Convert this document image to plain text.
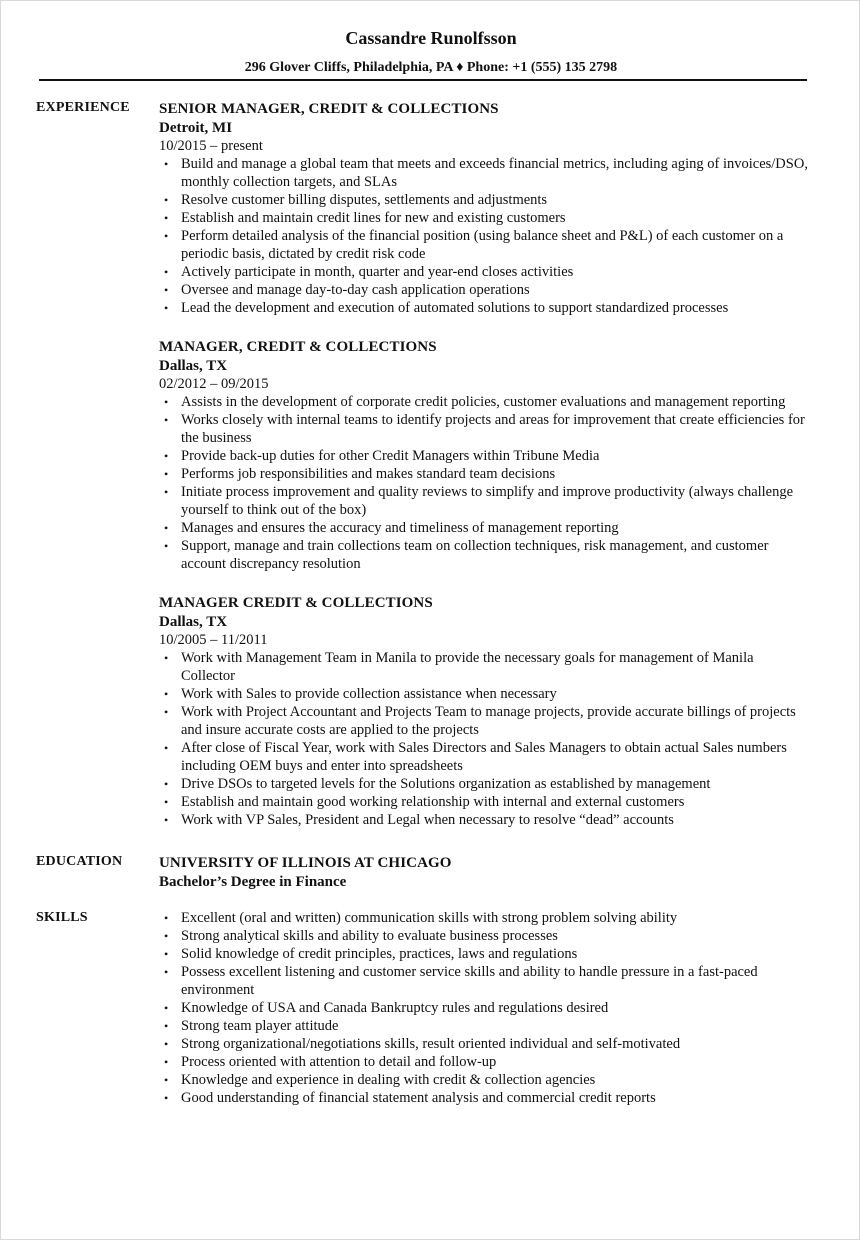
Cassandre Runolfsson
296 Glover Cliffs, Philadelphia, PA ♦ Phone: +1 (555) 135 2798
EXPERIENCE SENIOR MANAGER, CREDIT & COLLECTIONS
Detroit, MI
10/2015 – present
• Build and manage a global team that meets and exceeds financial metrics, including aging of invoices/DSO, monthly collection targets, and SLAs
• Resolve customer billing disputes, settlements and adjustments
• Establish and maintain credit lines for new and existing customers
• Perform detailed analysis of the financial position (using balance sheet and P&L) of each customer on a periodic basis, dictated by credit risk code
• Actively participate in month, quarter and year-end closes activities
• Oversee and manage day-to-day cash application operations
• Lead the development and execution of automated solutions to support standardized processes
MANAGER, CREDIT & COLLECTIONS
Dallas, TX
02/2012 – 09/2015
• Assists in the development of corporate credit policies, customer evaluations and management reporting
• Works closely with internal teams to identify projects and areas for improvement that create efficiencies for the business
• Provide back-up duties for other Credit Managers within Tribune Media
• Performs job responsibilities and makes standard team decisions
• Initiate process improvement and quality reviews to simplify and improve productivity (always challenge yourself to think out of the box)
• Manages and ensures the accuracy and timeliness of management reporting
• Support, manage and train collections team on collection techniques, risk management, and customer account discrepancy resolution
MANAGER CREDIT & COLLECTIONS
Dallas, TX
10/2005 – 11/2011
• Work with Management Team in Manila to provide the necessary goals for management of Manila Collector
• Work with Sales to provide collection assistance when necessary
• Work with Project Accountant and Projects Team to manage projects, provide accurate billings of projects and insure accurate costs are applied to the projects
• After close of Fiscal Year, work with Sales Directors and Sales Managers to obtain actual Sales numbers including OEM buys and enter into spreadsheets
• Drive DSOs to targeted levels for the Solutions organization as established by management
• Establish and maintain good working relationship with internal and external customers
• Work with VP Sales, President and Legal when necessary to resolve “dead” accounts
EDUCATION UNIVERSITY OF ILLINOIS AT CHICAGO
Bachelor’s Degree in Finance
SKILLS	• Excellent (oral and written) communication skills with strong problem solving ability
• Strong analytical skills and ability to evaluate business processes
• Solid knowledge of credit principles, practices, laws and regulations
• Possess excellent listening and customer service skills and ability to handle pressure in a fast-paced environment
• Knowledge of USA and Canada Bankruptcy rules and regulations desired
• Strong team player attitude
• Strong organizational/negotiations skills, result oriented individual and self-motivated
• Process oriented with attention to detail and follow-up
• Knowledge and experience in dealing with credit & collection agencies
• Good understanding of financial statement analysis and commercial credit reports
